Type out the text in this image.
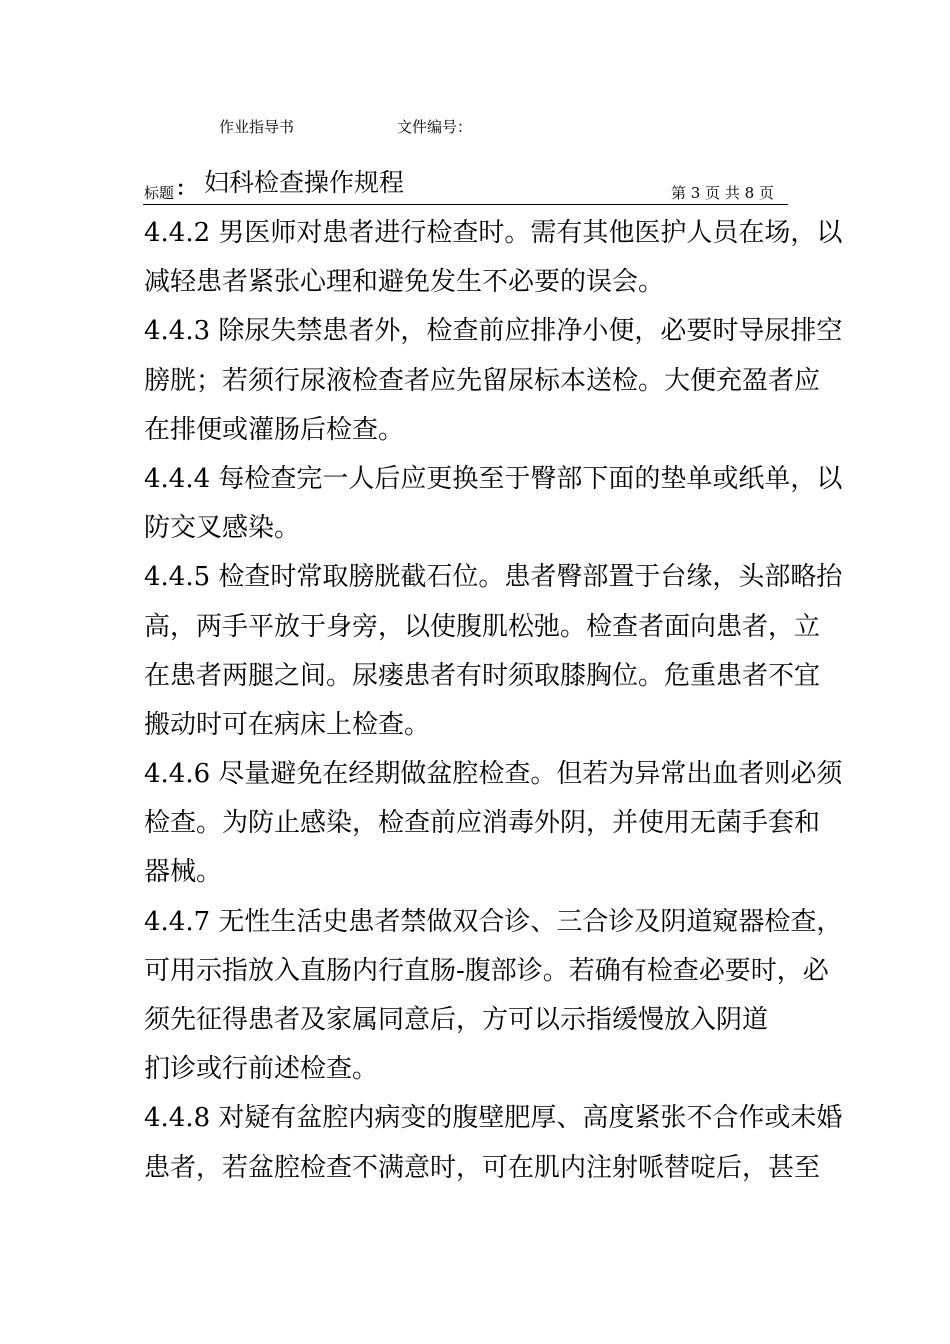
作业指导书	文件编号：
标题 ： 妇科检查操作规程	第 3 页 共 8 页
4.4.2 男医师对患者进行检查时。需有其他医护人员在场，以
减轻患者紧张心理和避免发生不必要的误会。
4.4.3 除尿失禁患者外，检查前应排净小便，必要时导尿排空
膀胱；若须行尿液检查者应先留尿标本送检。大便充盈者应
在排便或灌肠后检查。
4.4.4 每检查完一人后应更换至于臀部下面的垫单或纸单，以
防交叉感染。
4.4.5 检查时常取膀胱截石位。患者臀部置于台缘，头部略抬
高，两手平放于身旁，以使腹肌松弛。检查者面向患者，立
在患者两腿之间。尿瘘患者有时须取膝胸位。危重患者不宜
搬动时可在病床上检查。
4.4.6 尽量避免在经期做盆腔检查。但若为异常出血者则必须
检查。为防止感染，检查前应消毒外阴，并使用无菌手套和
器械。
4.4.7 无性生活史患者禁做双合诊、三合诊及阴道窥器检查，
可用示指放入直肠内行直肠-腹部诊。若确有检查必要时，必
须先征得患者及家属同意后，方可以示指缓慢放入阴道
扪诊或行前述检查。
4.4.8 对疑有盆腔内病变的腹壁肥厚、高度紧张不合作或未婚
患者，若盆腔检查不满意时，可在肌内注射哌替啶后，甚至
